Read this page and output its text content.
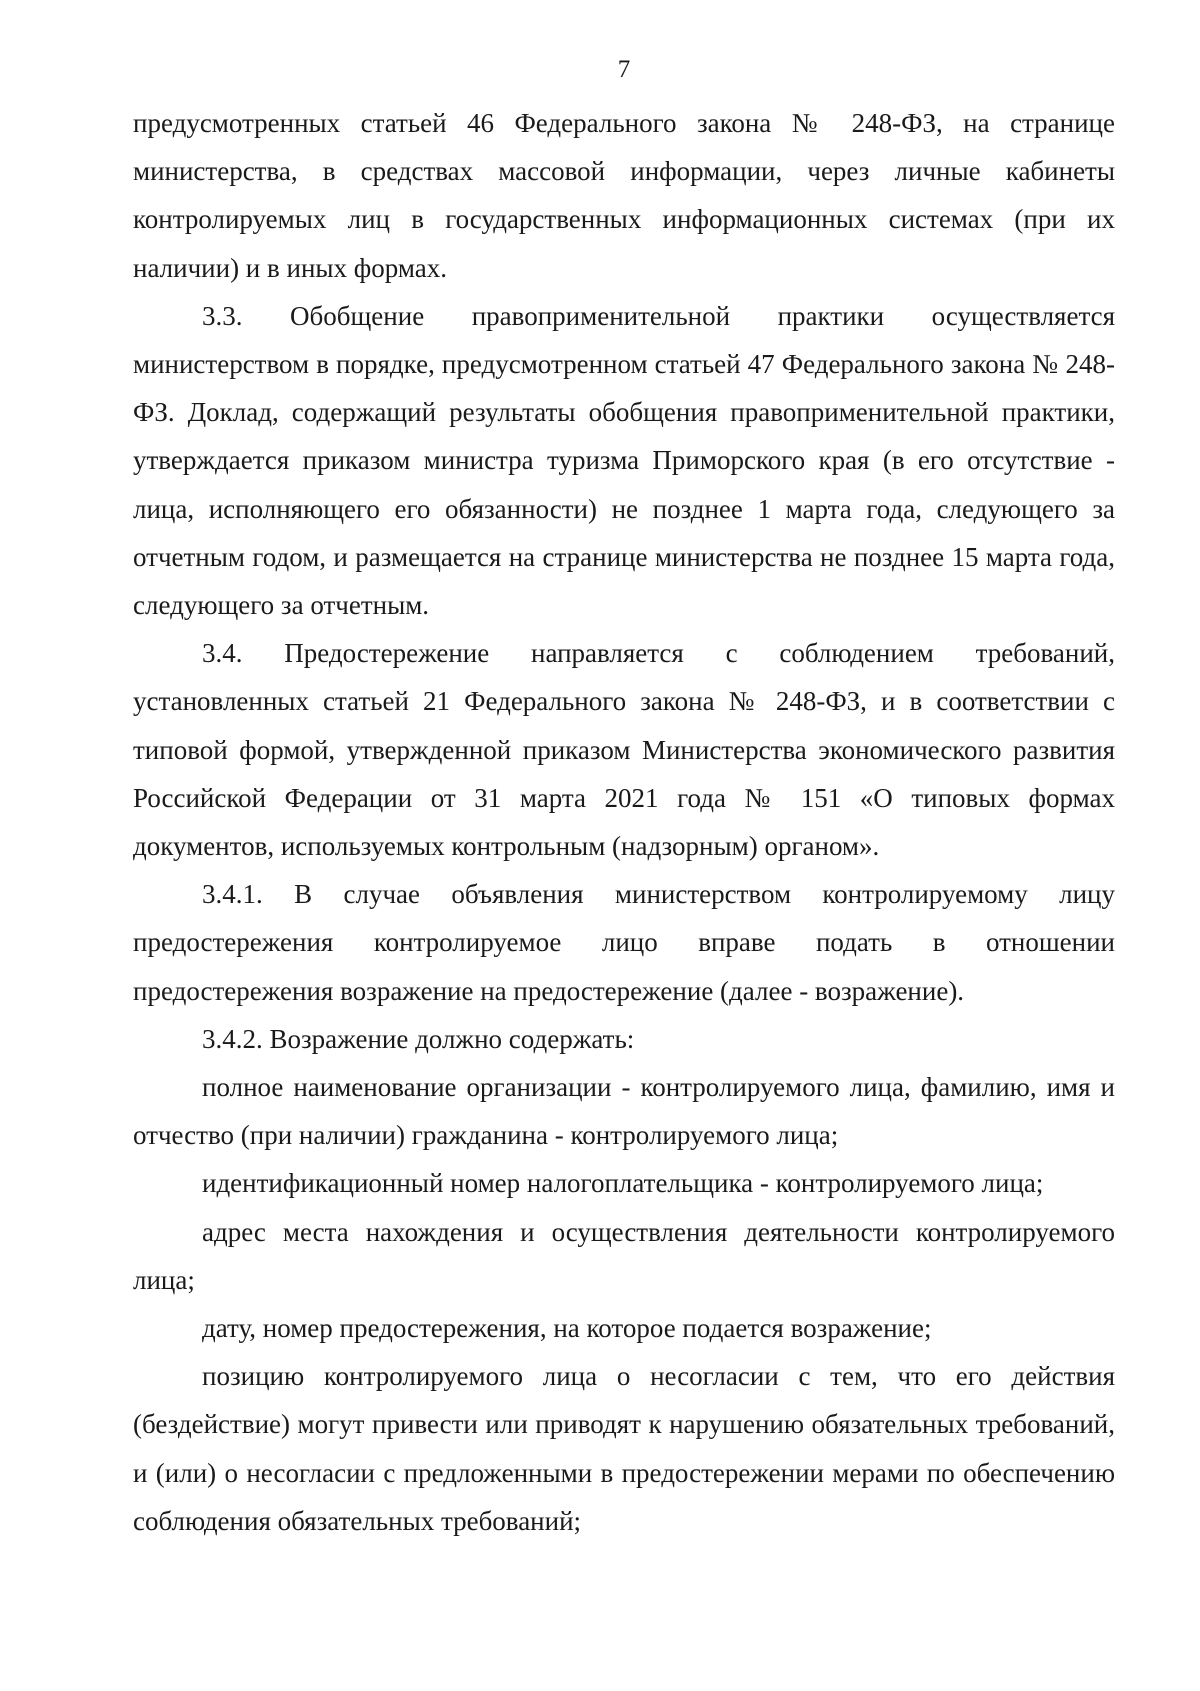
7

предусмотренных статьей 46 Федерального закона № 248-ФЗ, на странице министерства, в средствах массовой информации, через личные кабинеты контролируемых лиц в государственных информационных системах (при их наличии) и в иных формах.

3.3. Обобщение правоприменительной практики осуществляется министерством в порядке, предусмотренном статьей 47 Федерального закона № 248-ФЗ. Доклад, содержащий результаты обобщения правоприменительной практики, утверждается приказом министра туризма Приморского края (в его отсутствие - лица, исполняющего его обязанности) не позднее 1 марта года, следующего за отчетным годом, и размещается на странице министерства не позднее 15 марта года, следующего за отчетным.

3.4. Предостережение направляется с соблюдением требований, установленных статьей 21 Федерального закона № 248-ФЗ, и в соответствии с типовой формой, утвержденной приказом Министерства экономического развития Российской Федерации от 31 марта 2021 года № 151 «О типовых формах документов, используемых контрольным (надзорным) органом».

3.4.1. В случае объявления министерством контролируемому лицу предостережения контролируемое лицо вправе подать в отношении предостережения возражение на предостережение (далее - возражение).

3.4.2. Возражение должно содержать:

полное наименование организации - контролируемого лица, фамилию, имя и отчество (при наличии) гражданина - контролируемого лица;

идентификационный номер налогоплательщика - контролируемого лица;

адрес места нахождения и осуществления деятельности контролируемого лица;

дату, номер предостережения, на которое подается возражение;

позицию контролируемого лица о несогласии с тем, что его действия (бездействие) могут привести или приводят к нарушению обязательных требований, и (или) о несогласии с предложенными в предостережении мерами по обеспечению соблюдения обязательных требований;
